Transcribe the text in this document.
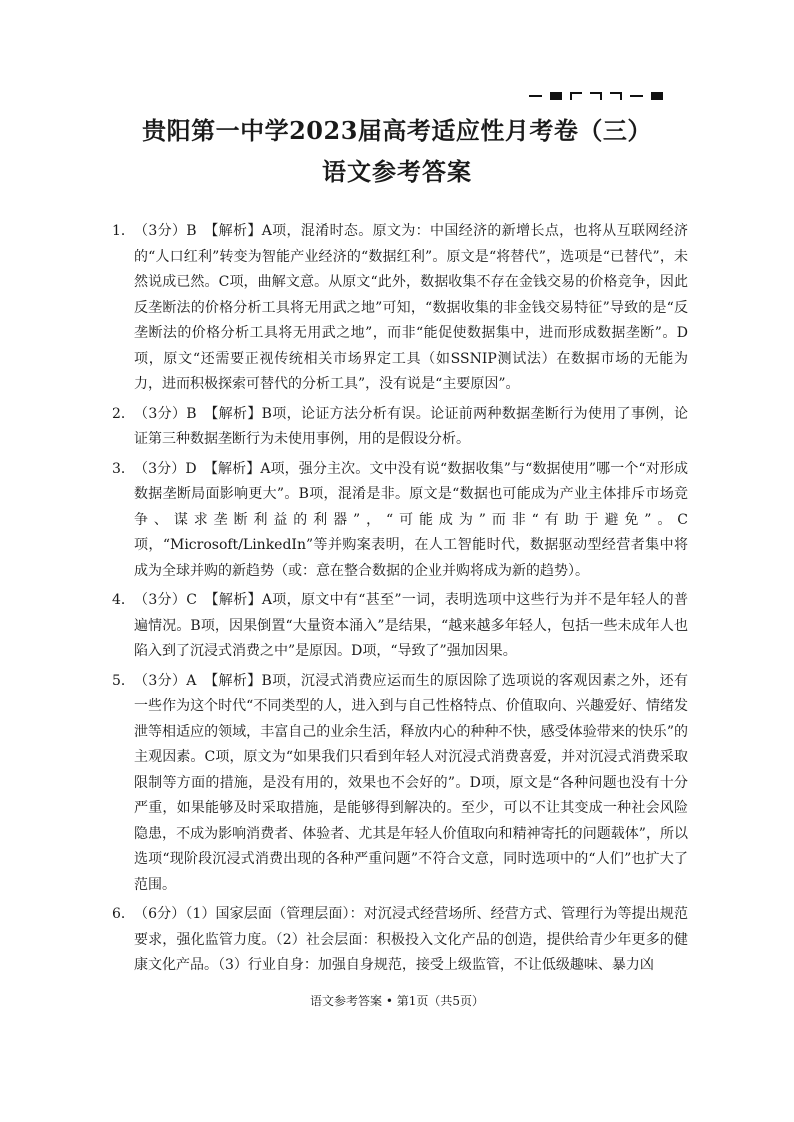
贵阳第一中学2023届高考适应性月考卷（三）
语文参考答案
1． （3分）B　【解析】A项，混淆时态。原文为：中国经济的新增长点，也将从互联网经济的“人口红利”转变为智能产业经济的“数据红利”。原文是“将替代”，选项是“已替代”，未然说成已然。C项，曲解文意。从原文“此外，数据收集不存在金钱交易的价格竞争，因此反垄断法的价格分析工具将无用武之地”可知，“数据收集的非金钱交易特征”导致的是“反垄断法的价格分析工具将无用武之地”，而非“能促使数据集中，进而形成数据垄断”。D项，原文“还需要正视传统相关市场界定工具（如SSNIP测试法）在数据市场的无能为力，进而积极探索可替代的分析工具”，没有说是“主要原因”。
2． （3分）B　【解析】B项，论证方法分析有误。论证前两种数据垄断行为使用了事例，论证第三种数据垄断行为未使用事例，用的是假设分析。
3． （3分）D　【解析】A项，强分主次。文中没有说“数据收集”与“数据使用”哪一个“对形成数据垄断局面影响更大”。B项，混淆是非。原文是“数据也可能成为产业主体排斥市场竞争、谋求垄断利益的利器”，“可能成为”而非“有助于避免”。C项，“Microsoft/LinkedIn”等并购案表明，在人工智能时代，数据驱动型经营者集中将成为全球并购的新趋势（或：意在整合数据的企业并购将成为新的趋势）。
4． （3分）C　【解析】A项，原文中有“甚至”一词，表明选项中这些行为并不是年轻人的普遍情况。B项，因果倒置“大量资本涌入”是结果，“越来越多年轻人，包括一些未成年人也陷入到了沉浸式消费之中”是原因。D项，“导致了”强加因果。
5． （3分）A　【解析】B项，沉浸式消费应运而生的原因除了选项说的客观因素之外，还有一些作为这个时代“不同类型的人，进入到与自己性格特点、价值取向、兴趣爱好、情绪发泄等相适应的领域，丰富自己的业余生活，释放内心的种种不快，感受体验带来的快乐”的主观因素。C项，原文为“如果我们只看到年轻人对沉浸式消费喜爱，并对沉浸式消费采取限制等方面的措施，是没有用的，效果也不会好的”。D项，原文是“各种问题也没有十分严重，如果能够及时采取措施，是能够得到解决的。至少，可以不让其变成一种社会风险隐患，不成为影响消费者、体验者、尤其是年轻人价值取向和精神寄托的问题载体”，所以选项“现阶段沉浸式消费出现的各种严重问题”不符合文意，同时选项中的“人们”也扩大了范围。
6． （6分）（1）国家层面（管理层面）：对沉浸式经营场所、经营方式、管理行为等提出规范要求，强化监管力度。（2）社会层面：积极投入文化产品的创造，提供给青少年更多的健康文化产品。（3）行业自身：加强自身规范，接受上级监管，不让低级趣味、暴力凶
语文参考答案 • 第1页（共5页）
